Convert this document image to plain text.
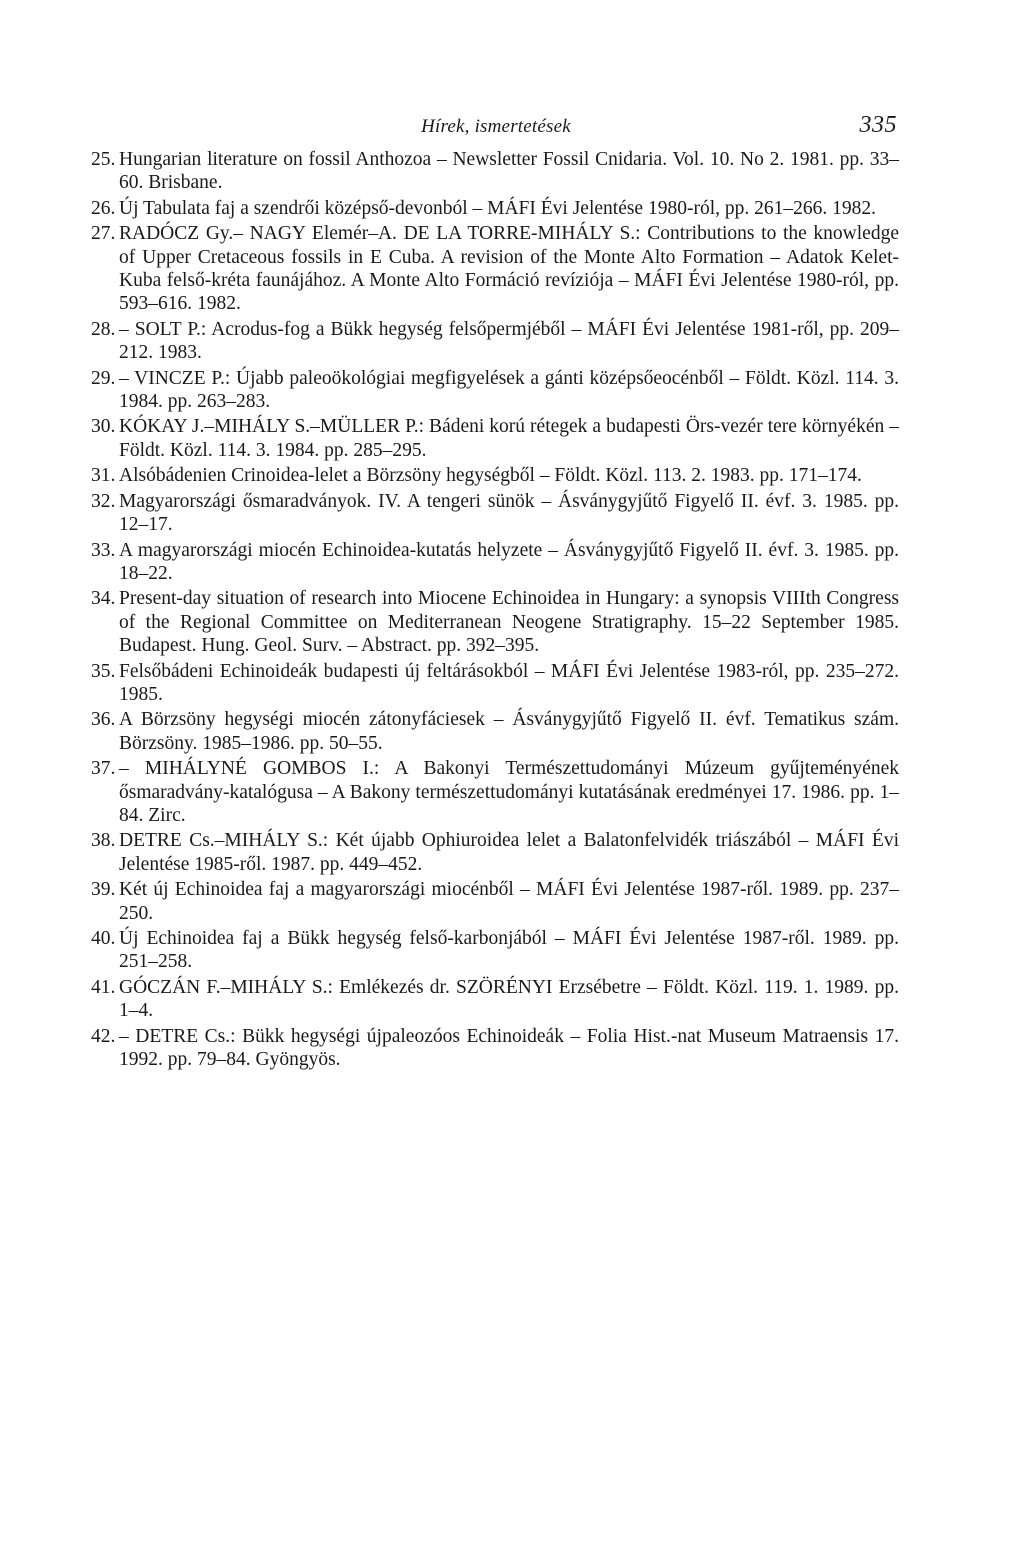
Hírek, ismertetések	335
25. Hungarian literature on fossil Anthozoa – Newsletter Fossil Cnidaria. Vol. 10. No 2. 1981. pp. 33–60. Brisbane.
26. Új Tabulata faj a szendrői középső-devonból – MÁFI Évi Jelentése 1980-ról, pp. 261–266. 1982.
27. RADÓCZ Gy.– NAGY Elemér–A. DE LA TORRE-MIHÁLY S.: Contributions to the knowledge of Upper Cretaceous fossils in E Cuba. A revision of the Monte Alto Formation – Adatok Kelet-Kuba felső-kréta faunájához. A Monte Alto Formáció revíziója – MÁFI Évi Jelentése 1980-ról, pp. 593–616. 1982.
28. – SOLT P.: Acrodus-fog a Bükk hegység felsőpermjéből – MÁFI Évi Jelentése 1981-ről, pp. 209–212. 1983.
29. – VINCZE P.: Újabb paleoökológiai megfigyelések a gánti középsőeocénből – Földt. Közl. 114. 3. 1984. pp. 263–283.
30. KÓKAY J.–MIHÁLY S.–MÜLLER P.: Bádeni korú rétegek a budapesti Örs-vezér tere környékén – Földt. Közl. 114. 3. 1984. pp. 285–295.
31. Alsóbádenien Crinoidea-lelet a Börzsöny hegységből – Földt. Közl. 113. 2. 1983. pp. 171–174.
32. Magyarországi ősmaradványok. IV. A tengeri sünök – Ásványgyjűtő Figyelő II. évf. 3. 1985. pp. 12–17.
33. A magyarországi miocén Echinoidea-kutatás helyzete – Ásványgyjűtő Figyelő II. évf. 3. 1985. pp. 18–22.
34. Present-day situation of research into Miocene Echinoidea in Hungary: a synopsis VIIIth Congress of the Regional Committee on Mediterranean Neogene Stratigraphy. 15–22 September 1985. Budapest. Hung. Geol. Surv. – Abstract. pp. 392–395.
35. Felsőbádeni Echinoideák budapesti új feltárásokból – MÁFI Évi Jelentése 1983-ról, pp. 235–272. 1985.
36. A Börzsöny hegységi miocén zátonyfáciesek – Ásványgyjűtő Figyelő II. évf. Tematikus szám. Börzsöny. 1985–1986. pp. 50–55.
37. – MIHÁLYNÉ GOMBOS I.: A Bakonyi Természettudományi Múzeum gyűjteményének ősmaradvány-katalógusa – A Bakony természettudományi kutatásának eredményei 17. 1986. pp. 1–84. Zirc.
38. DETRE Cs.–MIHÁLY S.: Két újabb Ophiuroidea lelet a Balatonfelvidék triászából – MÁFI Évi Jelentése 1985-ről. 1987. pp. 449–452.
39. Két új Echinoidea faj a magyarországi miocénből – MÁFI Évi Jelentése 1987-ről. 1989. pp. 237–250.
40. Új Echinoidea faj a Bükk hegység felső-karbonjából – MÁFI Évi Jelentése 1987-ről. 1989. pp. 251–258.
41. GÓCZÁN F.–MIHÁLY S.: Emlékezés dr. SZÖRÉNYI Erzsébetre – Földt. Közl. 119. 1. 1989. pp. 1–4.
42. – DETRE Cs.: Bükk hegységi újpaleozóos Echinoideák – Folia Hist.-nat Museum Matraensis 17. 1992. pp. 79–84. Gyöngyös.
